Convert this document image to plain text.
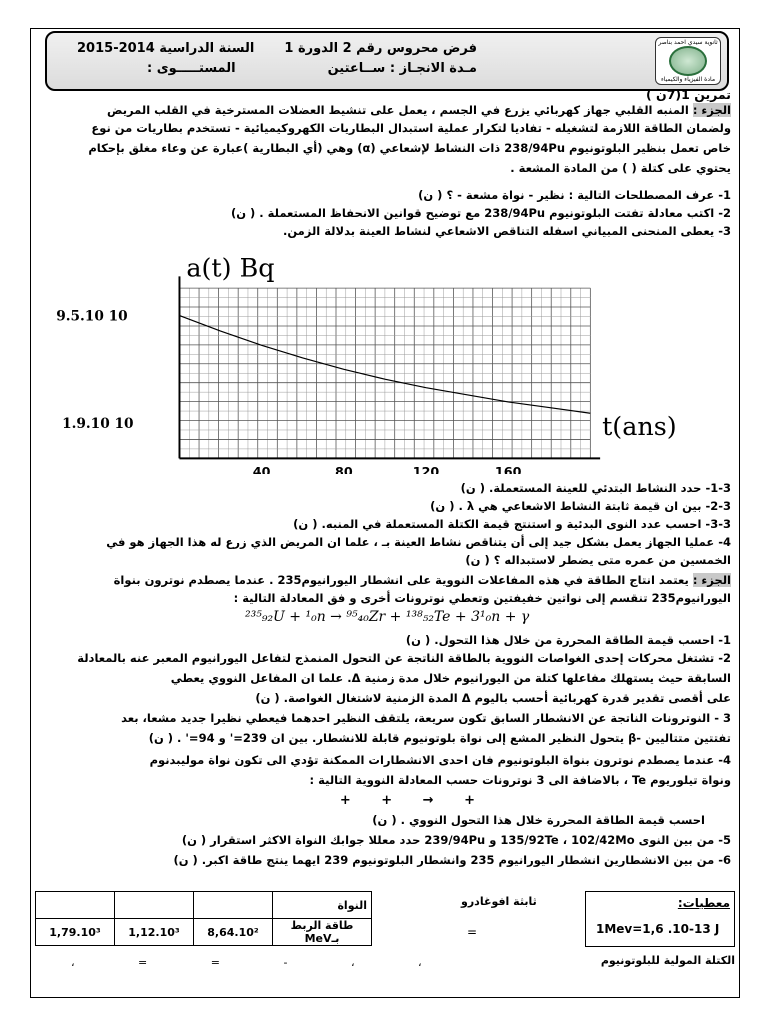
ثانوية سيدي احمد بناصر
مادة الفيزياء والكيمياء
فرض محروس رقم 2 الدورة 1
مـدة الانجـاز : ســاعتين
السنة الدراسية 2014-2015
المستـــــوى :
تمرين 1(7ن )
الجزء : المنبه القلبي جهاز كهربائي يزرع في الجسم ، يعمل على تنشيط العضلات المسترخية في القلب المريض
ولضمان الطاقة اللازمة لتشغيله - تفاديا لتكرار عملية استبدال البطاريات الكهروكيميائية - تستخدم بطاريات من نوع
خاص تعمل بنظير البلوتونيوم 238/94Pu ذات النشاط لإشعاعي (α) وهي (أي البطارية )عبارة عن وعاء مغلق بإحكام
يحتوي على كتلة ( ) من المادة المشعة .
1- عرف المصطلحات التالية : نظير - نواة مشعة - ؟ ( ن)
2- اكتب معادلة تفتت البلوتونيوم 238/94Pu مع توضيح قوانين الانحفاظ المستعملة . ( ن)
3- يعطى المنحنى المبياني اسفله التناقص الاشعاعي لنشاط العينة بدلالة الزمن.
a(t) Bq
t(ans)
9.5.10 10
1.9.10 10
40	80	120	160
1-3- حدد النشاط البتدئي للعينة المستعملة. ( ن)
2-3- بين ان قيمة ثابتة النشاط الاشعاعي هي λ . ( ن)
3-3- احسب عدد النوى البدئية و استنتج قيمة الكتلة المستعملة في المنبه. ( ن)
4- عمليا الجهاز يعمل بشكل جيد إلى أن يتناقص نشاط العينة بـ ، علما ان المريض الذي زرع له هذا الجهاز هو في
الخمسين من عمره متى يضطر لاستبداله ؟ ( ن)
الجزء : يعتمد انتاج الطاقة في هذه المفاعلات النووية على انشطار اليورانيوم235 . عندما يصطدم نوترون بنواة
اليورانيوم235 تنقسم إلى نواتين خفيفتين وتعطي نوترونات أخرى و فق المعادلة التالية :
²³⁵₉₂U + ¹₀n → ⁹⁵₄₀Zr + ¹³⁸₅₂Te + 3¹₀n + γ
1- احسب قيمة الطاقة المحررة من خلال هذا التحول. ( ن)
2- تشتغل محركات إحدى الغواصات النووية بالطاقة الناتجة عن التحول المنمذج لتفاعل اليورانيوم المعبر عنه بالمعادلة
السابقة حيث يستهلك مفاعلها كتلة من اليورانيوم خلال مدة زمنية Δ. علما ان المفاعل النووي يعطي
على أقصى تقدير قدرة كهربائية أحسب باليوم Δ المدة الزمنية لاشتغال الغواصة. ( ن)
3 - النوترونات الناتجة عن الانشطار السابق تكون سريعة، يلتقف النظير احدهما فيعطي نظيرا جديد مشعا، بعد
تفتتين متتاليين -β يتحول النظير المشع إلى نواة بلوتونيوم قابلة للانشطار. بين ان 239=' و 94=' . ( ن)
4- عندما يصطدم نوترون بنواة البلوتونيوم فان احدى الانشطارات الممكنة تؤدي الى تكون نواة موليبدنوم
ونواة تيلوريوم Te ، بالاضافة الى 3 نوترونات حسب المعادلة النووية التالية :
+ → + +
احسب قيمة الطاقة المحررة خلال هذا التحول النووي . ( ن)
5- من بين النوى 135/92Te ، 102/42Mo و 239/94Pu حدد معللا جوابك النواة الاكثر استقرار ( ن)
6- من بين الانشطارين انشطار اليورانيوم 235 وانشطار البلوتونيوم 239 ايهما ينتج طاقة اكبر. ( ن)
معطيات:
1Mev=1,6 .10-13 J
ثابثة افوغادرو
=
الكتلة المولية للبلوتونيوم
، = = - ، ،
النواة			
طاقة الربط بـMeV	8,64.10²	1,12.10³	1,79.10³
